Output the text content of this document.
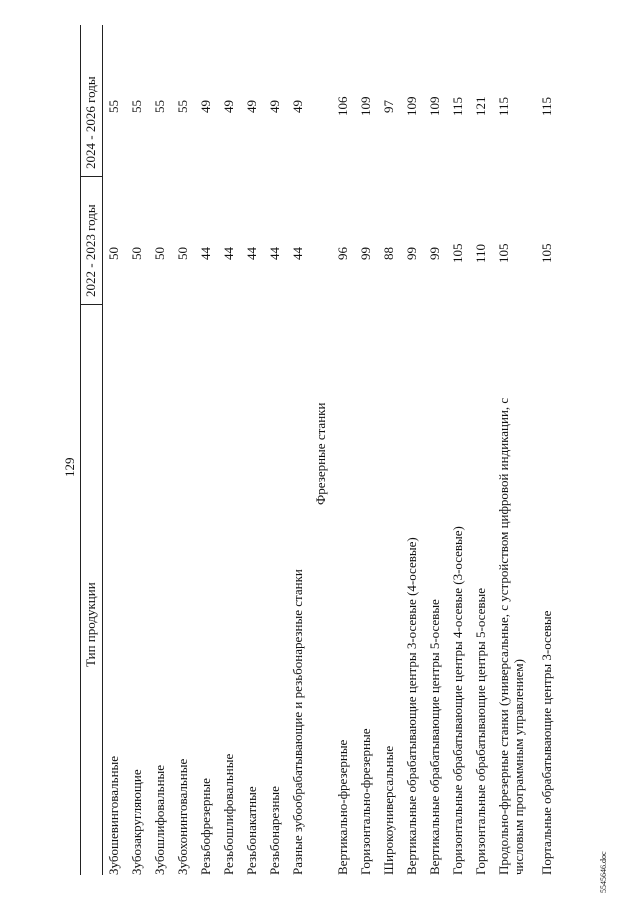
129
5545646.doc
Тип продукции
2022 - 2023 годы
2024 - 2026 годы
Зубошевинговальные
50
55
Зубозакругляющие
50
55
Зубошлифовальные
50
55
Зубохонинговальные
50
55
Резьбофрезерные
44
49
Резьбошлифовальные
44
49
Резьбонакатные
44
49
Резьбонарезные
44
49
Разные зубообрабатывающие и резьбонарезные станки
44
49
Фрезерные станки
Вертикально-фрезерные
96
106
Горизонтально-фрезерные
99
109
Широкоуниверсальные
88
97
Вертикальные обрабатывающие центры 3-осевые (4-осевые)
99
109
Вертикальные обрабатывающие центры 5-осевые
99
109
Горизонтальные обрабатывающие центры 4-осевые (3-осевые)
105
115
Горизонтальные обрабатывающие центры 5-осевые
110
121
Продольно-фрезерные станки (универсальные, с устройством цифровой индикации, с числовым программным управлением)
105
115
Портальные обрабатывающие центры 3-осевые
105
115
